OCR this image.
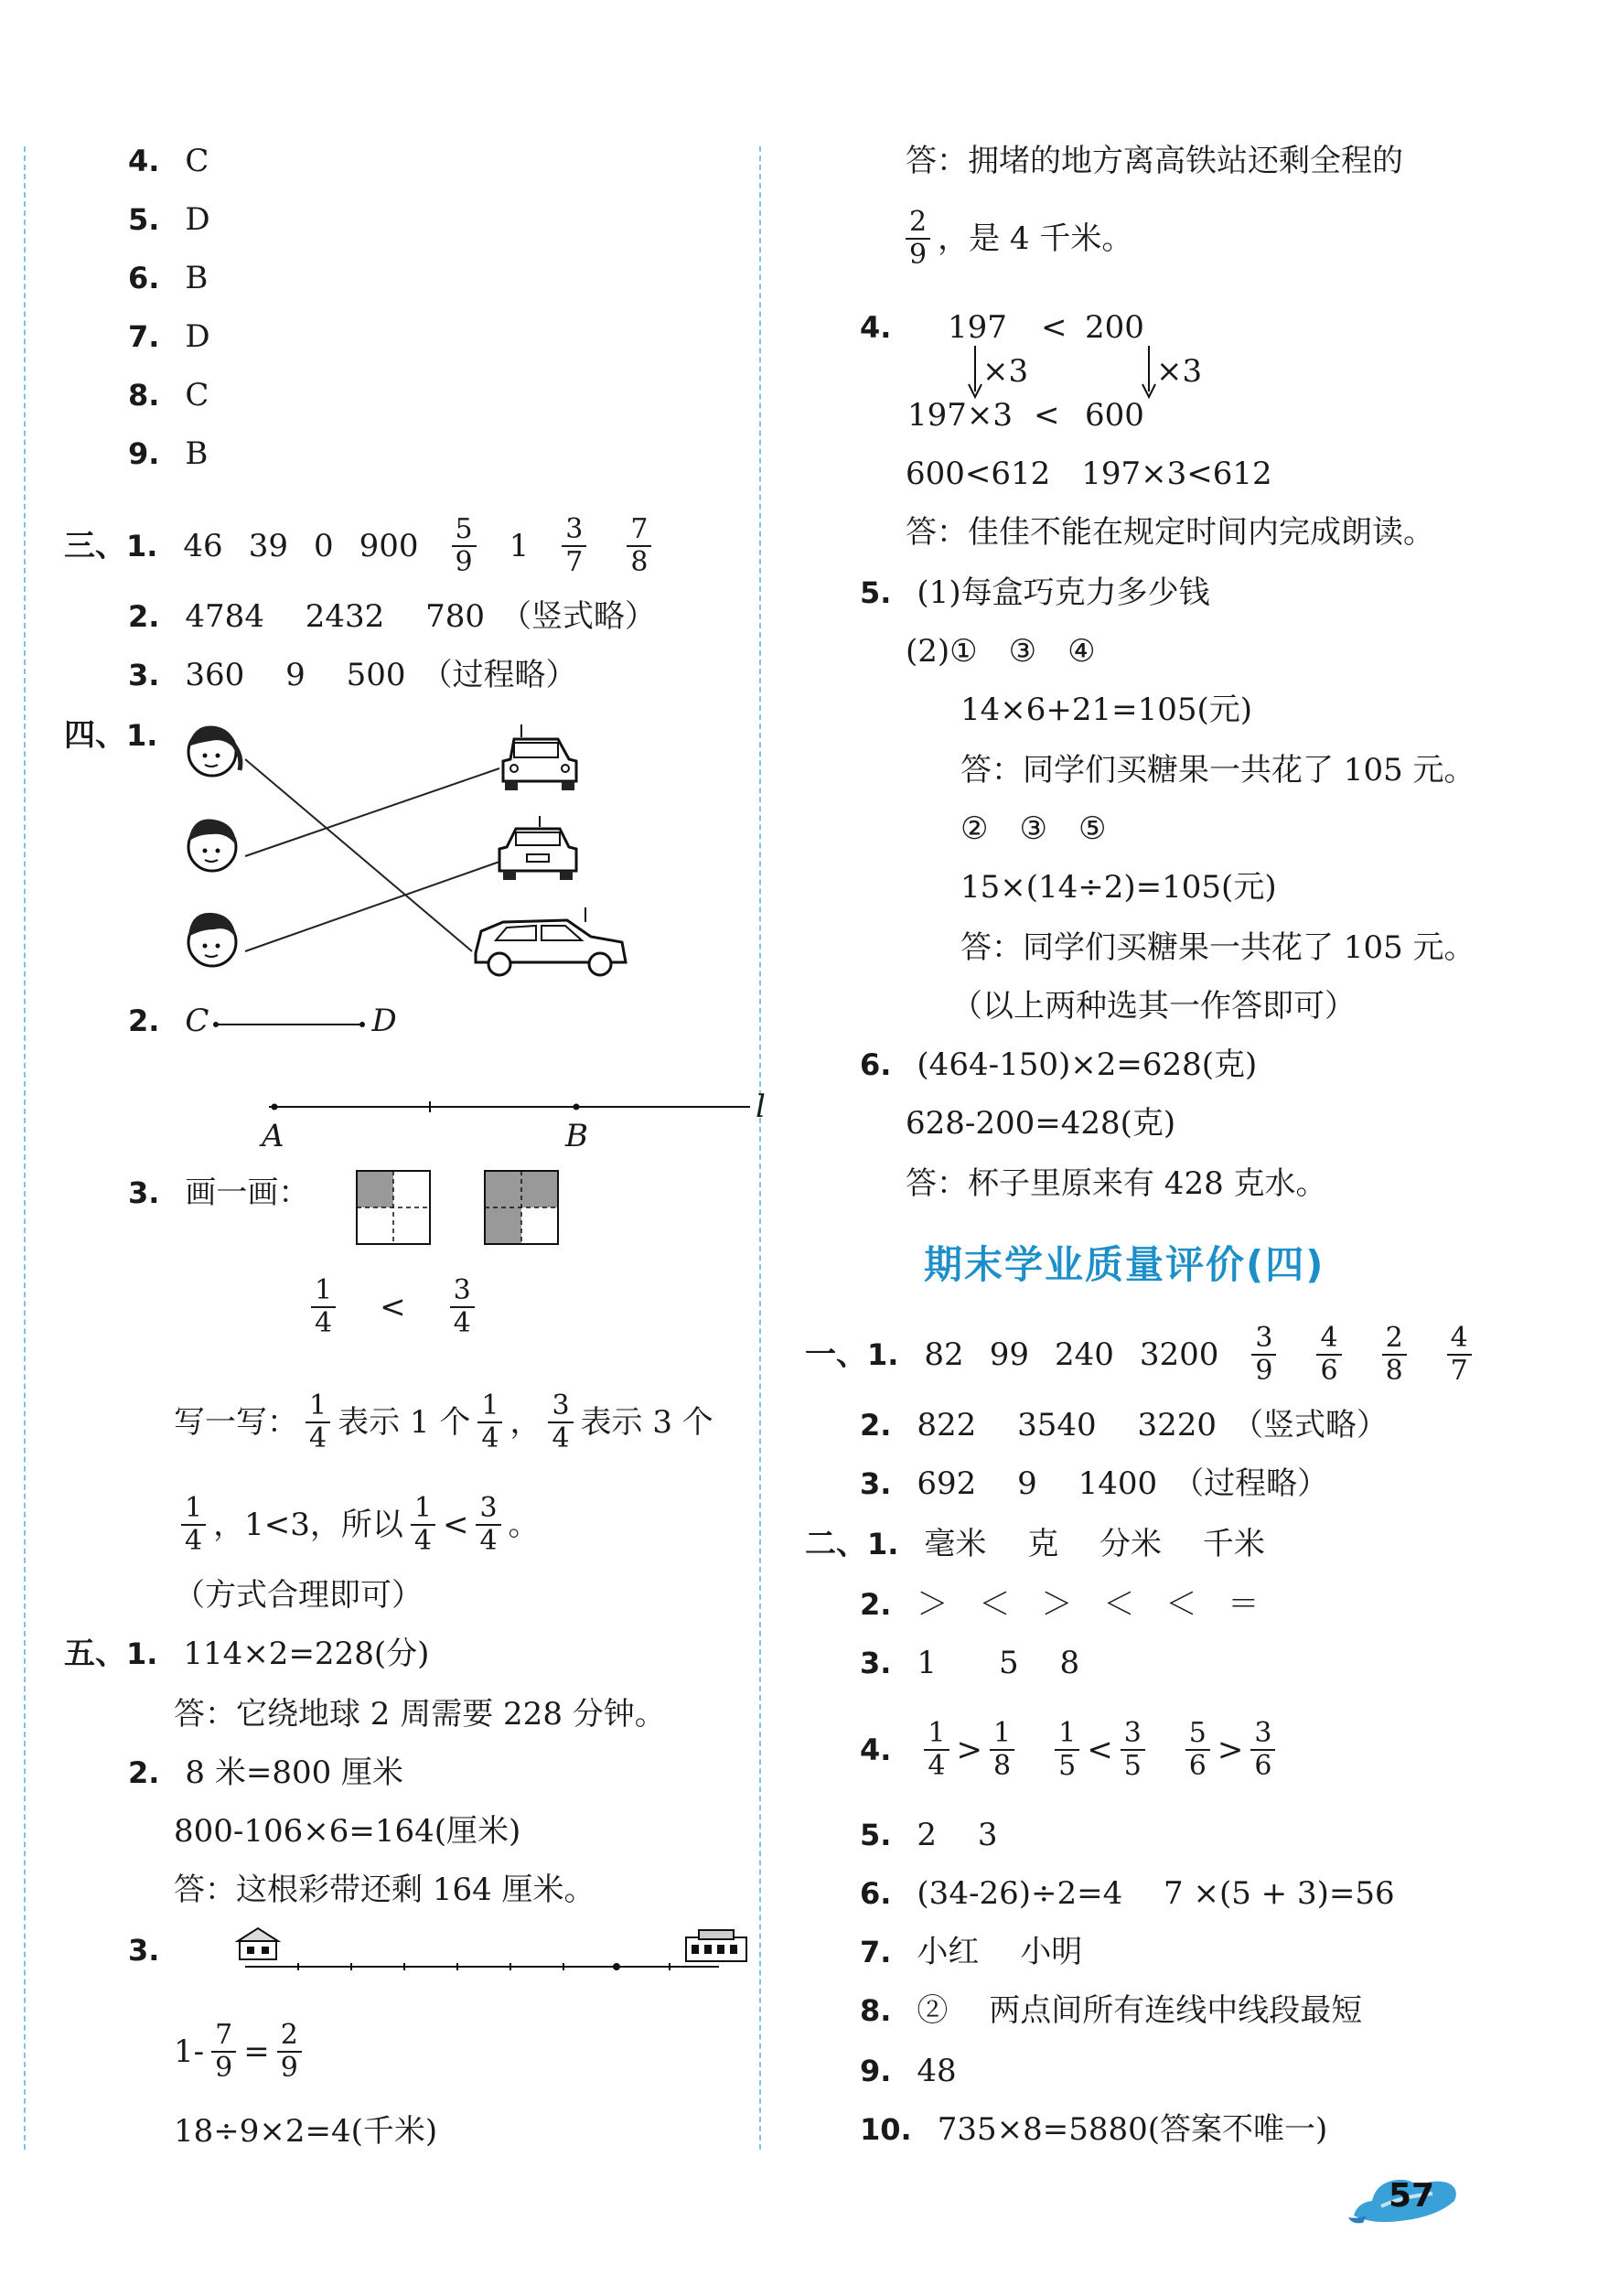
4. C
5. D
6. B
7. D
8. C
9. B
三、 1. 46 39 0 $900 \frac{5}{9} 1 \frac{3}{7} \frac{7}{8}$
2. 4784　 2432　 780　（竖式略）
3. 360　 9　 500　（过程略）
四、 1.
2. C	D
A	B
l
3. 画一画：
$\frac{1}{4} < \frac{3}{4}$
写一写： $\frac{1}{4}$ 表示 1 个 $\frac{1}{4}$ ， $\frac{3}{4}$ 表示 3 个
$\frac{1}{4}$ ，1<3，所以 $\frac{1}{4} < \frac{3}{4}$ 。
（方式合理即可）
五、 1. 114×2=228(分)
答：它绕地球 2 周需要 228 分钟。
2. 8 米=800 厘米
800-106×6=164(厘米)
答：这根彩带还剩 164 厘米。
3.
$1- \frac{7}{9} = \frac{2}{9}$
18÷9×2=4(千米)
答：拥堵的地方离高铁站还剩全程的
$\frac{2}{9}$ ，是 4 千米。
4. 197 < 200
×3	×3
197×3 < 600
600<612　197×3<612
答：佳佳不能在规定时间内完成朗读。
5. (1)每盒巧克力多少钱
(2)①　③　④
14×6+21=105(元)
答：同学们买糖果一共花了 105 元。
②　③　⑤
15×(14÷2)=105(元)
答：同学们买糖果一共花了 105 元。
（以上两种选其一作答即可）
6. (464-150)×2=628(克)
628-200=428(克)
答：杯子里原来有 428 克水。
期末学业质量评价(四)
一、 1. 82 99 240 $3200 \frac{3}{9} \frac{4}{6} \frac{2}{8} \frac{4}{7}$
2. 822　 3540　 3220　（竖式略）
3. 692　 9　 1400　（过程略）
二、 1. 毫米　 克　 分米　 千米
2. ＞　＜　＞　＜　＜　＝
3. 1　　5　 8
4. $\frac{1}{4} > \frac{1}{8} \frac{1}{5} < \frac{3}{5} \frac{5}{6} > \frac{3}{6}$
5. 2　 3
6. (34-26)÷2=4　 7 ×(5 + 3)=56
7. 小红　 小明
8. ②　 两点间所有连线中线段最短
9. 48
10. 735×8=5880(答案不唯一)
57
